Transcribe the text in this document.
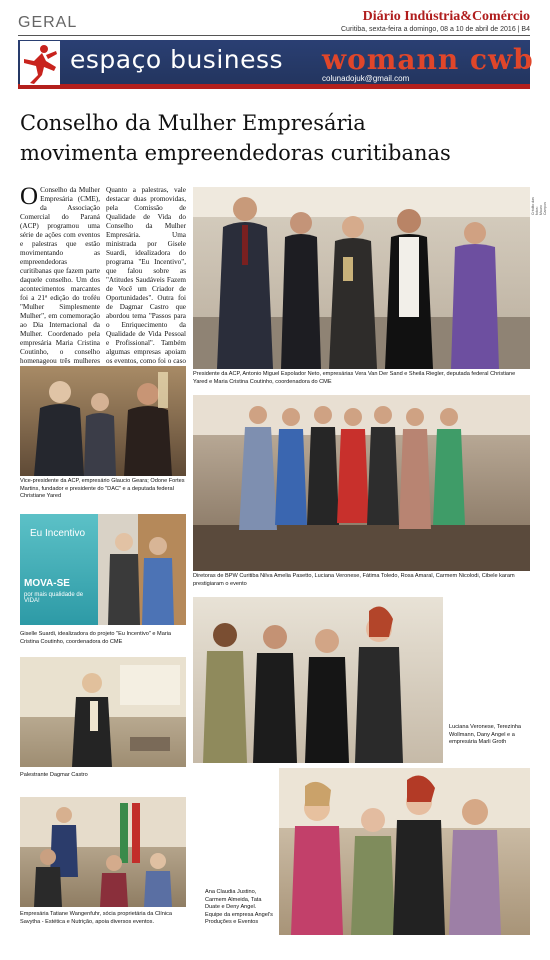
GERAL	Diário Indústria&Comércio
Curitiba, sexta-feira a domingo, 08 a 10 de abril de 2016 | B4
espaço business womann cwb
colunadojuk@gmail.com
Conselho da Mulher Empresária
movimenta empreendedoras curitibanas
O Conselho da Mulher Empresária (CME), da Associação Comercial do Paraná (ACP) programou uma série de ações com eventos e palestras que estão movimentando as empreendedoras curitibanas que fazem parte daquele conselho. Um dos acontecimentos marcantes foi a 21ª edição do troféu "Mulher Simplesmente Mulher", em comemoração ao Dia Internacional da Mulher. Coordenado pela empresária Maria Cristina Coutinho, o conselho homenageou três mulheres
Quanto a palestras, vale destacar duas promovidas, pela Comissão de Qualidade de Vida do Conselho da Mulher Empresária. Uma ministrada por Gisele Suardi, idealizadora do programa "Eu Incentivo", que falou sobre as "Atitudes Saudáveis Fazem de Você um Criador de Oportunidades". Outra foi de Dagmar Castro que abordou tema "Passos para o Enriquecimento da Qualidade de Vida Pessoal e Profissional". Também algumas empresas apoiam os eventos, como foi o caso
Crédito das fotos: Mauro Campos
Presidente da ACP, Antonio Miguel Espolador Neto, empresárias Vera Van Der Sand e Sheila Riegler, deputada federal Christiane Yared e Maria Cristina Coutinho, coordenadora do CME
Vice-presidente da ACP, empresário Glaucio Geara; Odone Fortes Martins, fundador e presidente do "DAC" e a deputada federal Christiane Yared
Diretoras de BPW Curitiba Nilva Amelia Pasetto, Luciana Veronese, Fátima Toledo, Rosa Amaral, Carmem Nicolodi, Cibele karam prestigiaram o evento
Eu Incentivo
MOVA-SE
por mais qualidade de VIDA!
Giselle Suardi, idealizadora do projeto "Eu Incentivo" e Maria Cristina Coutinho, coordenadora do CME
Luciana Veronese, Terezinha Wollmann, Dany Angel e a empresária Marli Groth
Palestrante Dagmar Castro
Empresária Tatiane Wangenfuhr, sócia proprietária da Clínica Savytha - Estética e Nutrição, apoia diversos eventos.
Ana Claudia Justino, Carmem Almeida, Tata Duate e Deny Angel. Equipe da empresa Angel's Produções e Eventos
